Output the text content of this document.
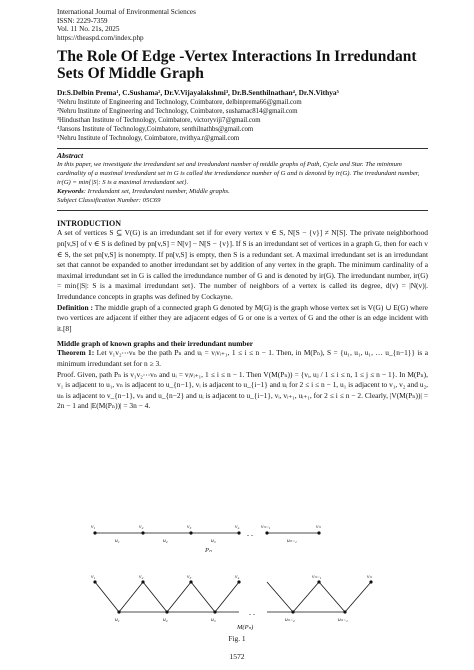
International Journal of Environmental Sciences
ISSN: 2229-7359
Vol. 11 No. 21s, 2025
https://theaspd.com/index.php
The Role Of Edge -Vertex Interactions In Irredundant Sets Of Middle Graph
Dr.S.Delbin Prema¹, C.Sushama², Dr.V.Vijayalakshmi³, Dr.B.Senthilnathan⁴, Dr.N.Vithya⁵
¹Nehru Institute of Engineering and Technology, Coimbatore, delbinprema66@gmail.com
²Nehru Institute of Engineering and Technology, Coimbatore, sushamac814@gmail.com
³Hindusthan Institute of Technology, Coimbatore, victoryviji7@gmail.com
⁴Jansons Institute of Technology,Coimbatore, senthilnathbs@gmail.com
⁵Nehru Institute of Technology, Coimbatore, nvithya.r@gmail.com
Abstract
In this paper, we investigate the irredundant set and irredundant number of middle graphs of Path, Cycle and Star. The minimum cardinality of a maximal irredundant set in G is called the irredundance number of G and is denoted by ir(G). The irredundant number, ir(G) = min{|S|: S is a maximal irredundant set}.
Keywords: Irredundant set, Irredundant number, Middle graphs.
Subject Classification Number: 05C69
INTRODUCTION
A set of vertices S ⊆ V(G) is an irredundant set if for every vertex v ∈ S, N[S − {v}] ≠ N[S]. The private neighborhood pn[v,S] of v ∈ S is defined by pn[v,S] = N[v] − N[S − {v}]. If S is an irredundant set of vertices in a graph G, then for each v ∈ S, the set pn[v,S] is nonempty. If pn[v,S] is empty, then S is a redundant set. A maximal irredundant set is an irredundant set that cannot be expanded to another irredundant set by addition of any vertex in the graph. The minimum cardinality of a maximal irredundant set in G is called the irredundance number of G and is denoted by ir(G). The irredundant number, ir(G) = min{|S|: S is a maximal irredundant set}. The number of neighbors of a vertex is called its degree, d(v) = |N(v)|. Irredundance concepts in graphs was defined by Cockayne.
Definition : The middle graph of a connected graph G denoted by M(G) is the graph whose vertex set is V(G) ∪ E(G) where two vertices are adjacent if either they are adjacent edges of G or one is a vertex of G and the other is an edge incident with it.[8]
Middle graph of known graphs and their irredundant number
Theorem 1: Let v₁v₂⋯vₙ be the path Pₙ and uᵢ = vᵢvᵢ₊₁, 1 ≤ i ≤ n − 1. Then, in M(Pₙ), S = {u₁, u₁, u₁, … u_{n−1}} is a minimum irredundant set for n ≥ 3.
Proof. Given, path Pₙ is v₁v₂⋯vₙ and uᵢ = vᵢvᵢ₊₁, 1 ≤ i ≤ n − 1. Then V(M(Pₙ)) = {vᵢ, uⱼ / 1 ≤ i ≤ n, 1 ≤ j ≤ n − 1}. In M(Pₙ), v₁ is adjacent to u₁, vₙ is adjacent to u_{n−1}, vᵢ is adjacent to u_{i−1} and uᵢ for 2 ≤ i ≤ n − 1, u₁ is adjacent to v₁, v₂ and u₂, uₙ is adjacent to v_{n−1}, vₙ and u_{n−2} and uᵢ is adjacent to u_{i−1}, vᵢ, vᵢ₊₁, uᵢ₊₁, for 2 ≤ i ≤ n − 2. Clearly, |V(M(Pₙ))| = 2n − 1 and |E(M(Pₙ))| = 3n − 4.
. .
v₁	v₂	v₃	v₄	vₙ₋₁	vₙ
u₁	u₂	u₃	uₙ₋₁
Pₙ
. .
v₁	v₂	v₃	v₄	vₙ₋₁	vₙ
u₁	u₂	u₃	uₙ₋₂	uₙ₋₁
M(Pₙ)
Fig. 1
1572
